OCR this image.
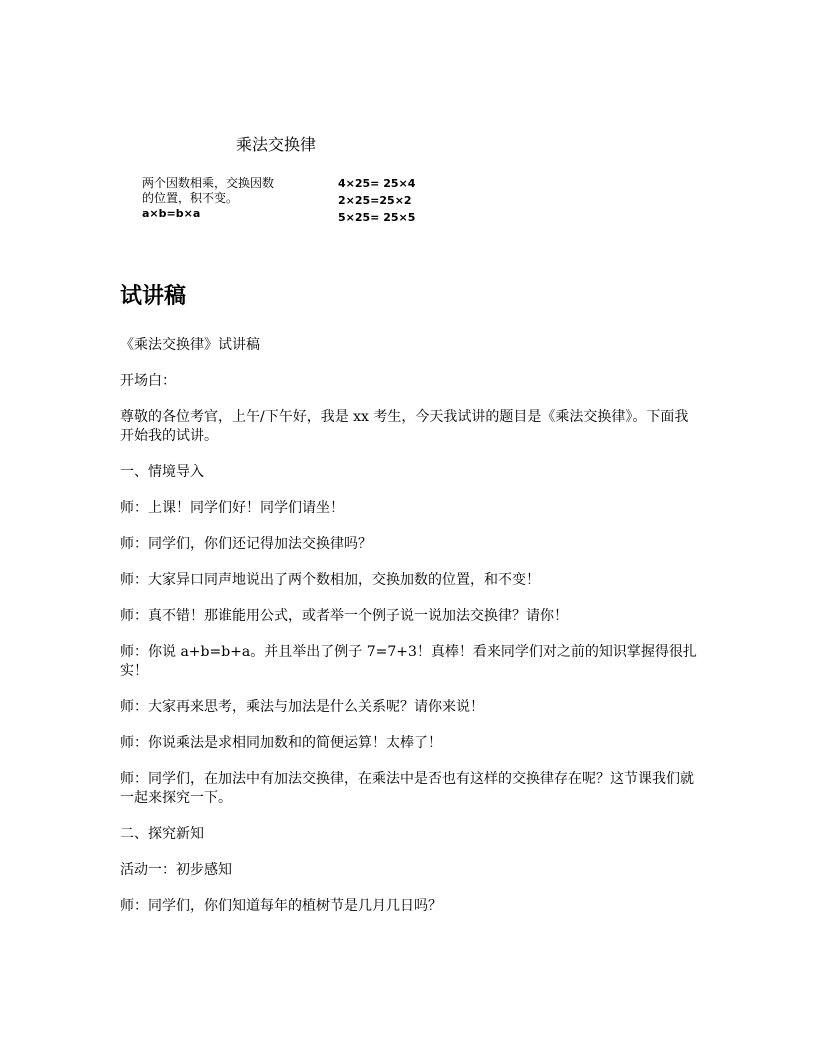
乘法交换律
两个因数相乘，交换因数
的位置，积不变。
a×b=b×a
4×25= 25×4
2×25=25×2
5×25= 25×5
试讲稿

《乘法交换律》试讲稿

开场白：

尊敬的各位考官，上午/下午好，我是 xx 考生，今天我试讲的题目是《乘法交换律》。下面我开始我的试讲。

一、情境导入

师：上课！同学们好！同学们请坐！

师：同学们，你们还记得加法交换律吗？

师：大家异口同声地说出了两个数相加，交换加数的位置，和不变！

师：真不错！那谁能用公式，或者举一个例子说一说加法交换律？请你！

师：你说 a+b=b+a。并且举出了例子 7=7+3！真棒！看来同学们对之前的知识掌握得很扎实！

师：大家再来思考，乘法与加法是什么关系呢？请你来说！

师：你说乘法是求相同加数和的简便运算！太棒了！

师：同学们，在加法中有加法交换律，在乘法中是否也有这样的交换律存在呢？这节课我们就一起来探究一下。

二、探究新知

活动一：初步感知

师：同学们，你们知道每年的植树节是几月几日吗？
